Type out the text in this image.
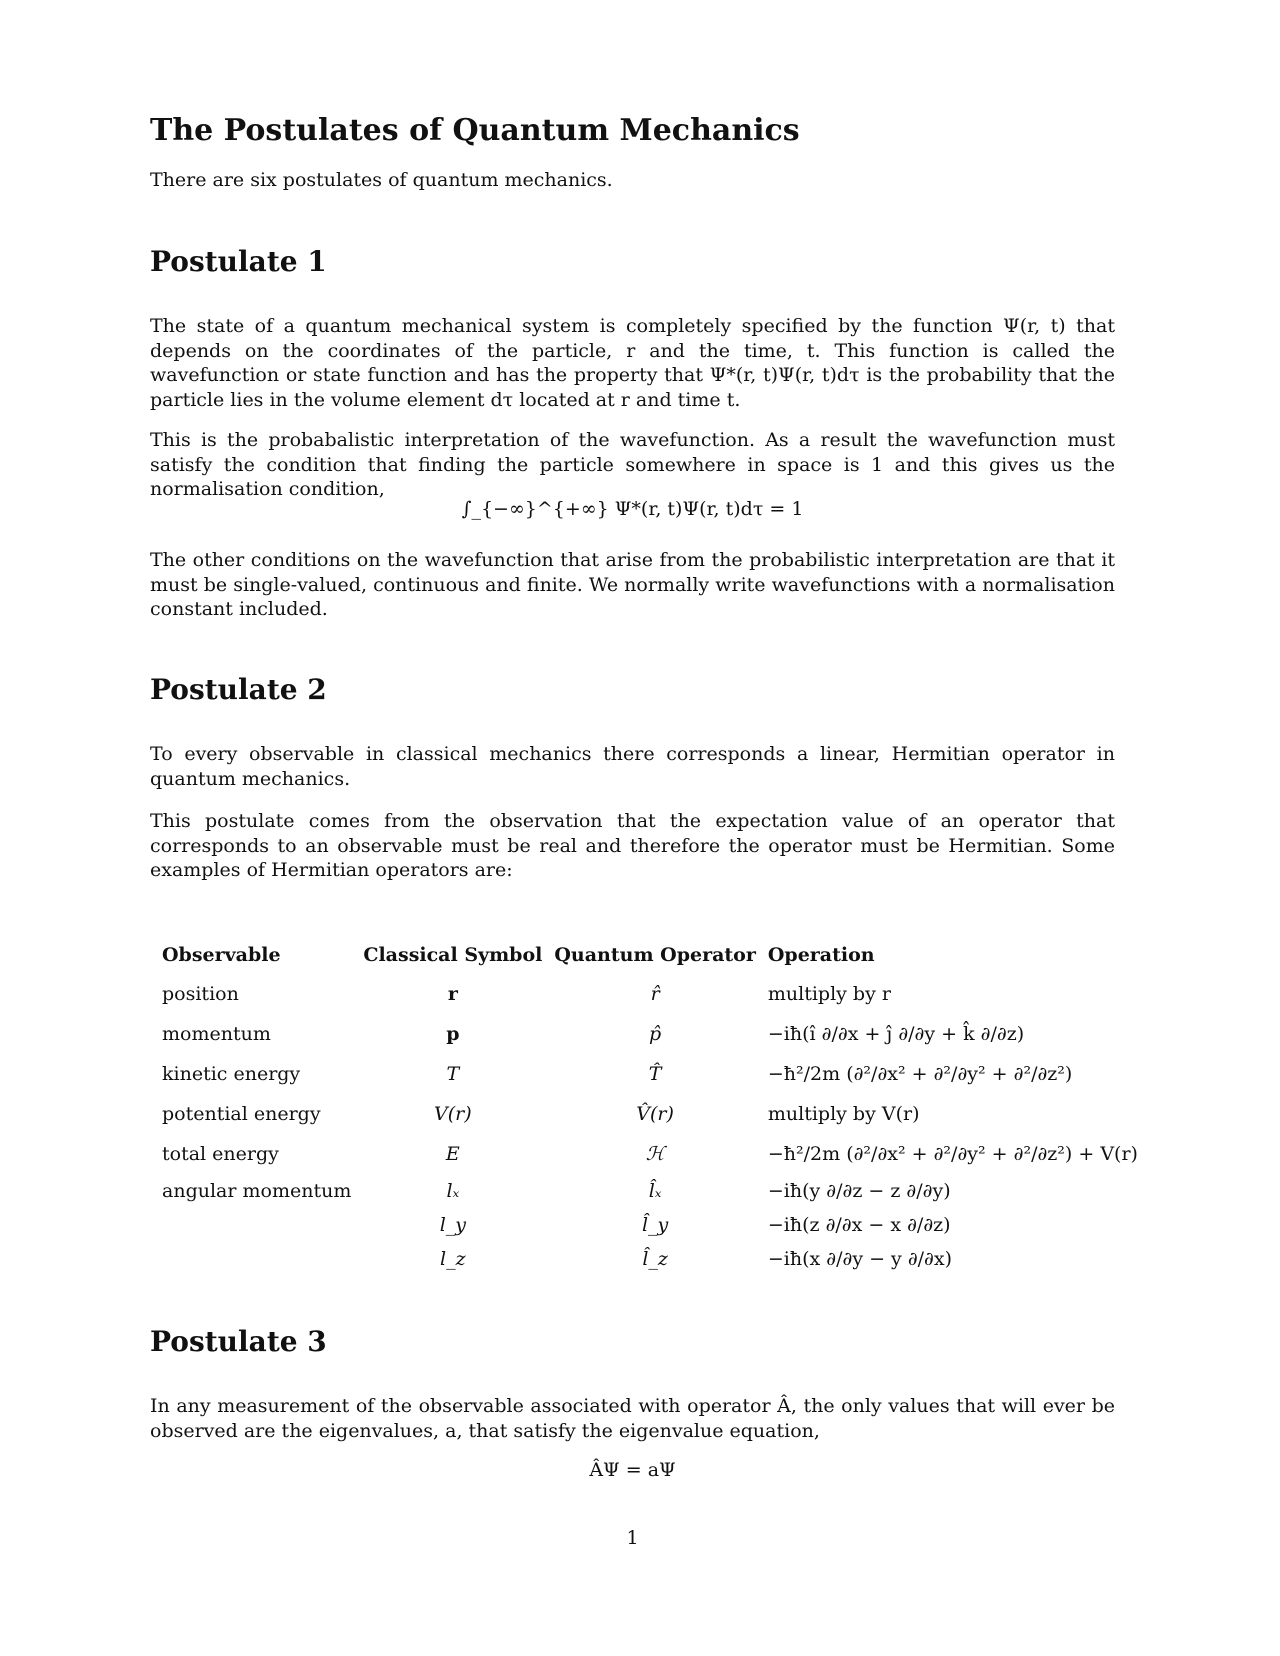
The Postulates of Quantum Mechanics

There are six postulates of quantum mechanics.

Postulate 1

The state of a quantum mechanical system is completely specified by the function Ψ(r, t) that depends on the coordinates of the particle, r and the time, t. This function is called the wavefunction or state function and has the property that Ψ*(r, t)Ψ(r, t)dτ is the probability that the particle lies in the volume element dτ located at r and time t.

This is the probabalistic interpretation of the wavefunction. As a result the wavefunction must satisfy the condition that finding the particle somewhere in space is 1 and this gives us the normalisation condition,

∫_{−∞}^{+∞} Ψ*(r, t)Ψ(r, t)dτ = 1

The other conditions on the wavefunction that arise from the probabilistic interpretation are that it must be single-valued, continuous and finite. We normally write wavefunctions with a normalisation constant included.

Postulate 2

To every observable in classical mechanics there corresponds a linear, Hermitian operator in quantum mechanics.

This postulate comes from the observation that the expectation value of an operator that corresponds to an observable must be real and therefore the operator must be Hermitian. Some examples of Hermitian operators are:

Observable	Classical Symbol	Quantum Operator	Operation
position	r	r̂	multiply by r
momentum	p	p̂	−iħ(î ∂/∂x + ĵ ∂/∂y + k̂ ∂/∂z)
kinetic energy	T	T̂	−ħ²/2m (∂²/∂x² + ∂²/∂y² + ∂²/∂z²)
potential energy	V(r)	V̂(r)	multiply by V(r)
total energy	E	ℋ	−ħ²/2m (∂²/∂x² + ∂²/∂y² + ∂²/∂z²) + V(r)
angular momentum	lₓ	l̂ₓ	−iħ(y ∂/∂z − z ∂/∂y)
	l_y	l̂_y	−iħ(z ∂/∂x − x ∂/∂z)
	l_z	l̂_z	−iħ(x ∂/∂y − y ∂/∂x)
Postulate 3

In any measurement of the observable associated with operator Â, the only values that will ever be observed are the eigenvalues, a, that satisfy the eigenvalue equation,

ÂΨ = aΨ
1
